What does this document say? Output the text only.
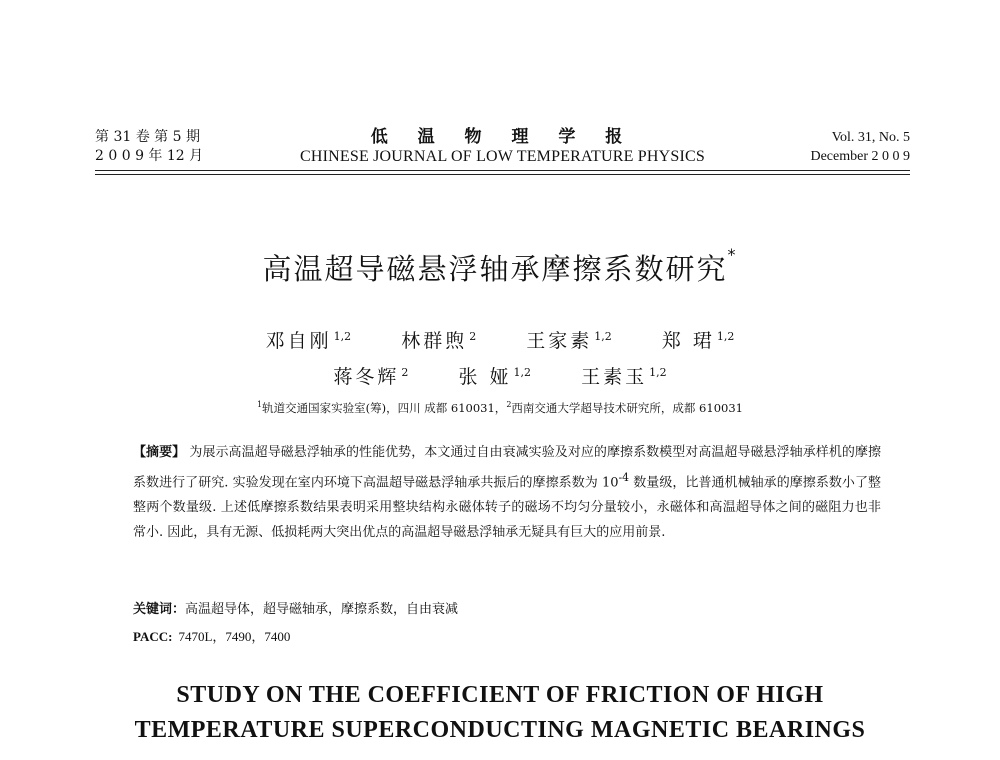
第 31 卷 第 5 期
2 0 0 9 年 12 月
低 温 物 理 学 报
CHINESE JOURNAL OF LOW TEMPERATURE PHYSICS
Vol. 31, No. 5
December 2 0 0 9
高温超导磁悬浮轴承摩擦系数研究*
邓自刚 $^{1,2}$	林群煦 $^2$	王家素 $^{1,2}$	郑 珺 $^{1,2}$
蒋冬辉 $^2$	张 娅 $^{1,2}$	王素玉 $^{1,2}$
$^1$轨道交通国家实验室(筹)，四川 成都 610031，$^2$西南交通大学超导技术研究所，成都 610031
【摘要】 为展示高温超导磁悬浮轴承的性能优势，本文通过自由衰减实验及对应的摩擦系数模型对高温超导磁悬浮轴承样机的摩擦系数进行了研究. 实验发现在室内环境下高温超导磁悬浮轴承共振后的摩擦系数为 $10^{-4}$ 数量级，比普通机械轴承的摩擦系数小了整整两个数量级. 上述低摩擦系数结果表明采用整块结构永磁体转子的磁场不均匀分量较小，永磁体和高温超导体之间的磁阻力也非常小. 因此，具有无源、低损耗两大突出优点的高温超导磁悬浮轴承无疑具有巨大的应用前景.
关键词：高温超导体，超导磁轴承，摩擦系数，自由衰减
PACC: 7470L，7490，7400
STUDY ON THE COEFFICIENT OF FRICTION OF HIGH
TEMPERATURE SUPERCONDUCTING MAGNETIC BEARINGS
